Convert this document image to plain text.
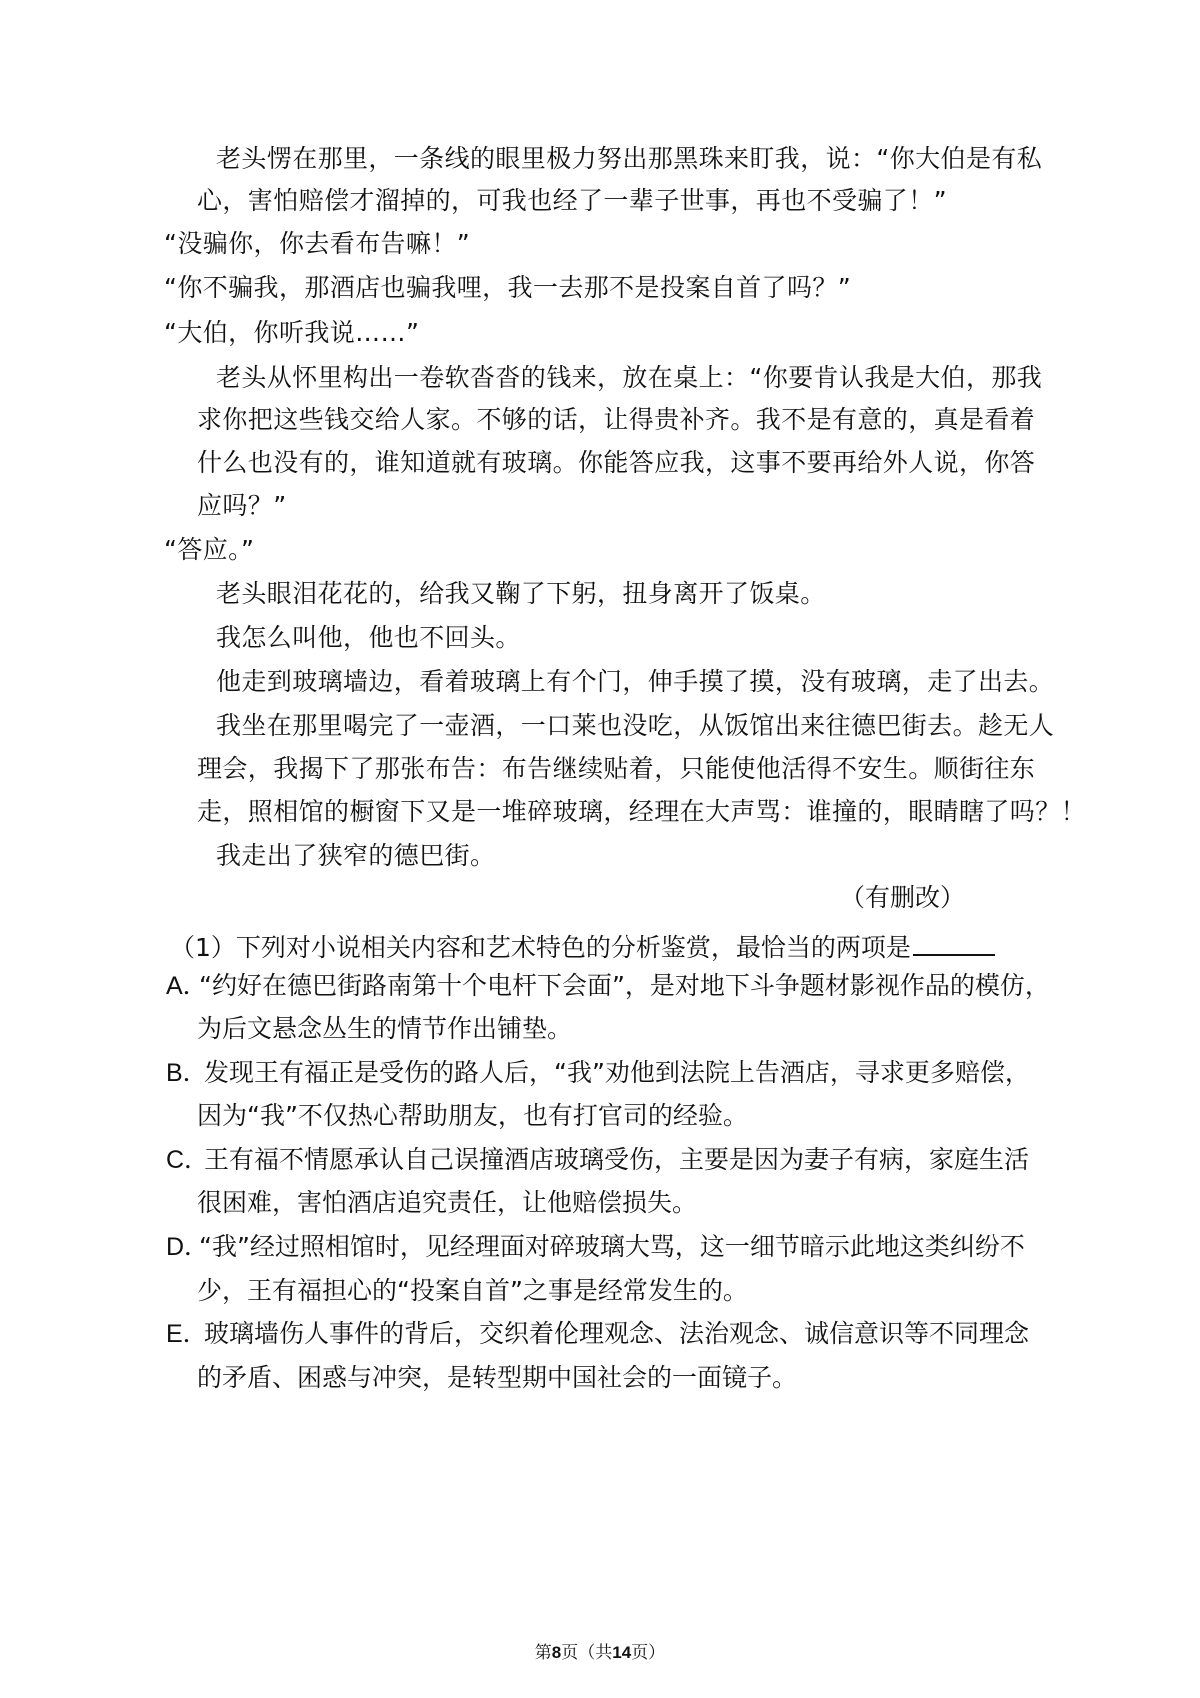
老头愣在那里，一条线的眼里极力努出那黑珠来盯我，说：“你大伯是有私
心，害怕赔偿才溜掉的，可我也经了一辈子世事，再也不受骗了！”
“没骗你，你去看布告嘛！”
“你不骗我，那酒店也骗我哩，我一去那不是投案自首了吗？”
“大伯，你听我说……”
老头从怀里构出一卷软沓沓的钱来，放在桌上：“你要肯认我是大伯，那我
求你把这些钱交给人家。不够的话，让得贵补齐。我不是有意的，真是看着
什么也没有的，谁知道就有玻璃。你能答应我，这事不要再给外人说，你答
应吗？”
“答应。”
老头眼泪花花的，给我又鞠了下躬，扭身离开了饭桌。
我怎么叫他，他也不回头。
他走到玻璃墙边，看着玻璃上有个门，伸手摸了摸，没有玻璃，走了出去。
我坐在那里喝完了一壶酒，一口莱也没吃，从饭馆出来往德巴街去。趁无人
理会，我揭下了那张布告：布告继续贴着，只能使他活得不安生。顺街往东
走，照相馆的橱窗下又是一堆碎玻璃，经理在大声骂：谁撞的，眼睛瞎了吗？！
我走出了狭窄的德巴街。
（有删改）
（1）下列对小说相关内容和艺术特色的分析鉴赏，最恰当的两项是
A．
“约好在德巴街路南第十个电杆下会面”，是对地下斗争题材影视作品的模仿，
为后文悬念丛生的情节作出铺垫。
B．
发现王有福正是受伤的路人后，“我”劝他到法院上告酒店，寻求更多赔偿，
因为“我”不仅热心帮助朋友，也有打官司的经验。
C．
王有福不情愿承认自己误撞酒店玻璃受伤，主要是因为妻子有病，家庭生活
很困难，害怕酒店追究责任，让他赔偿损失。
D．
“我”经过照相馆时，见经理面对碎玻璃大骂，这一细节暗示此地这类纠纷不
少，王有福担心的“投案自首”之事是经常发生的。
E．
玻璃墙伤人事件的背后，交织着伦理观念、法治观念、诚信意识等不同理念
的矛盾、困惑与冲突，是转型期中国社会的一面镜子。
第8页（共14页）
